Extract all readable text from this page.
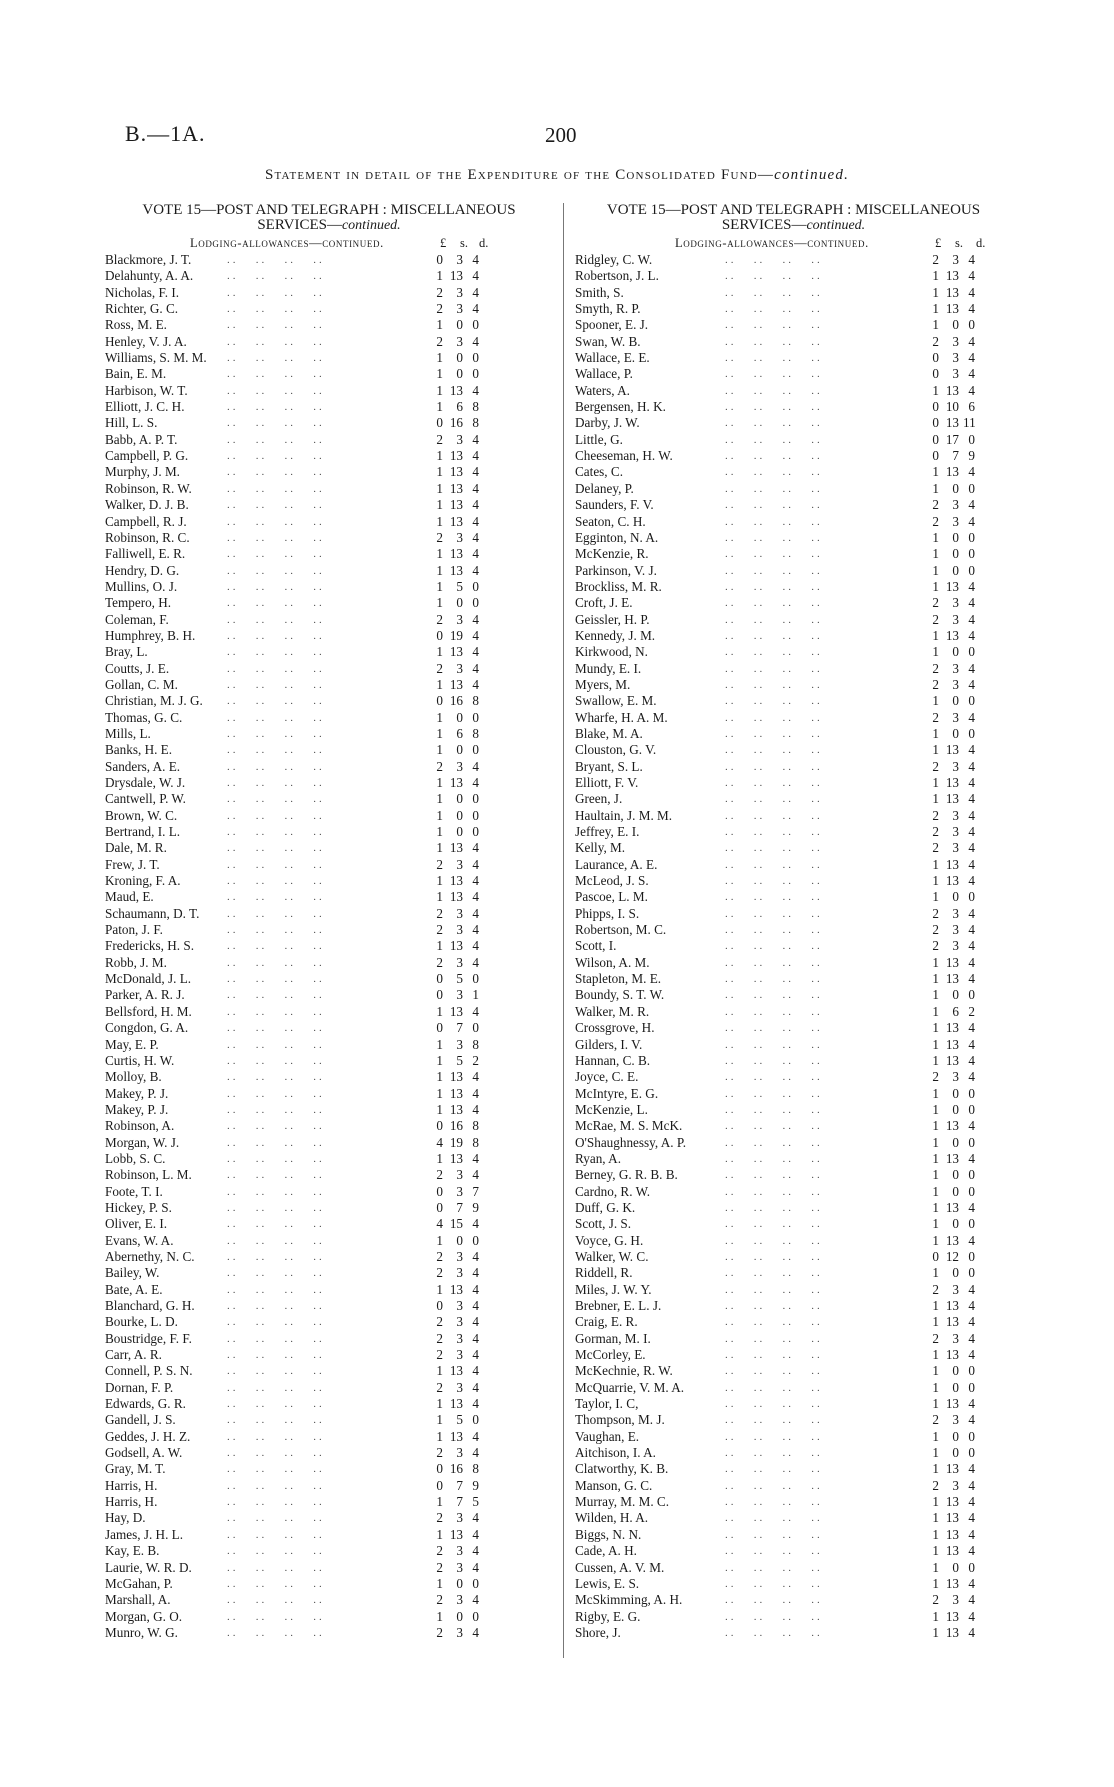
B.—1A.	200
Statement in detail of the Expenditure of the Consolidated Fund—continued.
VOTE 15—POST AND TELEGRAPH : MISCELLANEOUS
SERVICES—continued.
Lodging-allowances—continued.	£ s. d.
Blackmore, J. T.	..   ..   ..   ..	0	3 4
Delahunty, A. A.	..   ..   ..   ..	1 13 4
Nicholas, F. I.	..   ..   ..   ..	2	3 4
Richter, G. C.	..   ..   ..   ..	2	3 4
Ross, M. E.	..   ..   ..   ..	1	0 0
Henley, V. J. A.	..   ..   ..   ..	2	3 4
Williams, S. M. M. ..   ..   ..   ..	1	0 0
Bain, E. M.	..   ..   ..   ..	1	0 0
Harbison, W. T.	..   ..   ..   ..	1 13 4
Elliott, J. C. H.	..   ..   ..   ..	1	6 8
Hill, L. S.	..   ..   ..   ..	0 16 8
Babb, A. P. T.	..   ..   ..   ..	2	3 4
Campbell, P. G.	..   ..   ..   ..	1 13 4
Murphy, J. M.	..   ..   ..   ..	1 13 4
Robinson, R. W.	..   ..   ..   ..	1 13 4
Walker, D. J. B.	..   ..   ..   ..	1 13 4
Campbell, R. J.	..   ..   ..   ..	1 13 4
Robinson, R. C.	..   ..   ..   ..	2	3 4
Falliwell, E. R.	..   ..   ..   ..	1 13 4
Hendry, D. G.	..   ..   ..   ..	1 13 4
Mullins, O. J.	..   ..   ..   ..	1	5 0
Tempero, H.	..   ..   ..   ..	1	0 0
Coleman, F.	..   ..   ..   ..	2	3 4
Humphrey, B. H.	..   ..   ..   ..	0 19 4
Bray, L.	..   ..   ..   ..	1 13 4
Coutts, J. E.	..   ..   ..   ..	2	3 4
Gollan, C. M.	..   ..   ..   ..	1 13 4
Christian, M. J. G. ..   ..   ..   ..	0 16 8
Thomas, G. C.	..   ..   ..   ..	1	0 0
Mills, L.	..   ..   ..   ..	1	6 8
Banks, H. E.	..   ..   ..   ..	1	0 0
Sanders, A. E.	..   ..   ..   ..	2	3 4
Drysdale, W. J.	..   ..   ..   ..	1 13 4
Cantwell, P. W.	..   ..   ..   ..	1	0 0
Brown, W. C.	..   ..   ..   ..	1	0 0
Bertrand, I. L.	..   ..   ..   ..	1	0 0
Dale, M. R.	..   ..   ..   ..	1 13 4
Frew, J. T.	..   ..   ..   ..	2	3 4
Kroning, F. A.	..   ..   ..   ..	1 13 4
Maud, E.	..   ..   ..   ..	1 13 4
Schaumann, D. T.	..   ..   ..   ..	2	3 4
Paton, J. F.	..   ..   ..   ..	2	3 4
Fredericks, H. S.	..   ..   ..   ..	1 13 4
Robb, J. M.	..   ..   ..   ..	2	3 4
McDonald, J. L.	..   ..   ..   ..	0	5 0
Parker, A. R. J.	..   ..   ..   ..	0	3 1
Bellsford, H. M.	..   ..   ..   ..	1 13 4
Congdon, G. A.	..   ..   ..   ..	0	7 0
May, E. P.	..   ..   ..   ..	1	3 8
Curtis, H. W.	..   ..   ..   ..	1	5 2
Molloy, B.	..   ..   ..   ..	1 13 4
Makey, P. J.	..   ..   ..   ..	1 13 4
Makey, P. J.	..   ..   ..   ..	1 13 4
Robinson, A.	..   ..   ..   ..	0 16 8
Morgan, W. J.	..   ..   ..   ..	4 19 8
Lobb, S. C.	..   ..   ..   ..	1 13 4
Robinson, L. M.	..   ..   ..   ..	2	3 4
Foote, T. I.	..   ..   ..   ..	0	3 7
Hickey, P. S.	..   ..   ..   ..	0	7 9
Oliver, E. I.	..   ..   ..   ..	4 15 4
Evans, W. A.	..   ..   ..   ..	1	0 0
Abernethy, N. C.	..   ..   ..   ..	2	3 4
Bailey, W.	..   ..   ..   ..	2	3 4
Bate, A. E.	..   ..   ..   ..	1 13 4
Blanchard, G. H.	..   ..   ..   ..	0	3 4
Bourke, L. D.	..   ..   ..   ..	2	3 4
Boustridge, F. F.	..   ..   ..   ..	2	3 4
Carr, A. R.	..   ..   ..   ..	2	3 4
Connell, P. S. N.	..   ..   ..   ..	1 13 4
Dornan, F. P.	..   ..   ..   ..	2	3 4
Edwards, G. R.	..   ..   ..   ..	1 13 4
Gandell, J. S.	..   ..   ..   ..	1	5 0
Geddes, J. H. Z.	..   ..   ..   ..	1 13 4
Godsell, A. W.	..   ..   ..   ..	2	3 4
Gray, M. T.	..   ..   ..   ..	0 16 8
Harris, H.	..   ..   ..   ..	0	7 9
Harris, H.	..   ..   ..   ..	1	7 5
Hay, D.	..   ..   ..   ..	2	3 4
James, J. H. L.	..   ..   ..   ..	1 13 4
Kay, E. B.	..   ..   ..   ..	2	3 4
Laurie, W. R. D.	..   ..   ..   ..	2	3 4
McGahan, P.	..   ..   ..   ..	1	0 0
Marshall, A.	..   ..   ..   ..	2	3 4
Morgan, G. O.	..   ..   ..   ..	1	0 0
Munro, W. G.	..   ..   ..   ..	2	3 4
VOTE 15—POST AND TELEGRAPH : MISCELLANEOUS
SERVICES—continued.
Lodging-allowances—continued.	£ s. d.
Ridgley, C. W.	..   ..   ..   ..	2	3 4
Robertson, J. L.	..   ..   ..   ..	1 13 4
Smith, S.	..   ..   ..   ..	1 13 4
Smyth, R. P.	..   ..   ..   ..	1 13 4
Spooner, E. J.	..   ..   ..   ..	1	0 0
Swan, W. B.	..   ..   ..   ..	2	3 4
Wallace, E. E.	..   ..   ..   ..	0	3 4
Wallace, P.	..   ..   ..   ..	0	3 4
Waters, A.	..   ..   ..   ..	1 13 4
Bergensen, H. K.	..   ..   ..   ..	0 10 6
Darby, J. W.	..   ..   ..   ..	0 13 11
Little, G.	..   ..   ..   ..	0 17 0
Cheeseman, H. W.	..   ..   ..   ..	0	7 9
Cates, C.	..   ..   ..   ..	1 13 4
Delaney, P.	..   ..   ..   ..	1	0 0
Saunders, F. V.	..   ..   ..   ..	2	3 4
Seaton, C. H.	..   ..   ..   ..	2	3 4
Egginton, N. A.	..   ..   ..   ..	1	0 0
McKenzie, R.	..   ..   ..   ..	1	0 0
Parkinson, V. J.	..   ..   ..   ..	1	0 0
Brockliss, M. R.	..   ..   ..   ..	1 13 4
Croft, J. E.	..   ..   ..   ..	2	3 4
Geissler, H. P.	..   ..   ..   ..	2	3 4
Kennedy, J. M.	..   ..   ..   ..	1 13 4
Kirkwood, N.	..   ..   ..   ..	1	0 0
Mundy, E. I.	..   ..   ..   ..	2	3 4
Myers, M.	..   ..   ..   ..	2	3 4
Swallow, E. M.	..   ..   ..   ..	1	0 0
Wharfe, H. A. M.	..   ..   ..   ..	2	3 4
Blake, M. A.	..   ..   ..   ..	1	0 0
Clouston, G. V.	..   ..   ..   ..	1 13 4
Bryant, S. L.	..   ..   ..   ..	2	3 4
Elliott, F. V.	..   ..   ..   ..	1 13 4
Green, J.	..   ..   ..   ..	1 13 4
Haultain, J. M. M.	..   ..   ..   ..	2	3 4
Jeffrey, E. I.	..   ..   ..   ..	2	3 4
Kelly, M.	..   ..   ..   ..	2	3 4
Laurance, A. E.	..   ..   ..   ..	1 13 4
McLeod, J. S.	..   ..   ..   ..	1 13 4
Pascoe, L. M.	..   ..   ..   ..	1	0 0
Phipps, I. S.	..   ..   ..   ..	2	3 4
Robertson, M. C.	..   ..   ..   ..	2	3 4
Scott, I.	..   ..   ..   ..	2	3 4
Wilson, A. M.	..   ..   ..   ..	1 13 4
Stapleton, M. E.	..   ..   ..   ..	1 13 4
Boundy, S. T. W.	..   ..   ..   ..	1	0 0
Walker, M. R.	..   ..   ..   ..	1	6 2
Crossgrove, H.	..   ..   ..   ..	1 13 4
Gilders, I. V.	..   ..   ..   ..	1 13 4
Hannan, C. B.	..   ..   ..   ..	1 13 4
Joyce, C. E.	..   ..   ..   ..	2	3 4
McIntyre, E. G.	..   ..   ..   ..	1	0 0
McKenzie, L.	..   ..   ..   ..	1	0 0
McRae, M. S. McK.	..   ..   ..   ..	1 13 4
O'Shaughnessy, A. P.	..   ..   ..   ..	1	0 0
Ryan, A.	..   ..   ..   ..	1 13 4
Berney, G. R. B. B.	..   ..   ..   ..	1	0 0
Cardno, R. W.	..   ..   ..   ..	1	0 0
Duff, G. K.	..   ..   ..   ..	1 13 4
Scott, J. S.	..   ..   ..   ..	1	0 0
Voyce, G. H.	..   ..   ..   ..	1 13 4
Walker, W. C.	..   ..   ..   ..	0 12 0
Riddell, R.	..   ..   ..   ..	1	0 0
Miles, J. W. Y.	..   ..   ..   ..	2	3 4
Brebner, E. L. J.	..   ..   ..   ..	1 13 4
Craig, E. R.	..   ..   ..   ..	1 13 4
Gorman, M. I.	..   ..   ..   ..	2	3 4
McCorley, E.	..   ..   ..   ..	1 13 4
McKechnie, R. W.	..   ..   ..   ..	1	0 0
McQuarrie, V. M. A.	..   ..   ..   ..	1	0 0
Taylor, I. C,	..   ..   ..   ..	1 13 4
Thompson, M. J.	..   ..   ..   ..	2	3 4
Vaughan, E.	..   ..   ..   ..	1	0 0
Aitchison, I. A.	..   ..   ..   ..	1	0 0
Clatworthy, K. B.	..   ..   ..   ..	1 13 4
Manson, G. C.	..   ..   ..   ..	2	3 4
Murray, M. M. C.	..   ..   ..   ..	1 13 4
Wilden, H. A.	..   ..   ..   ..	1 13 4
Biggs, N. N.	..   ..   ..   ..	1 13 4
Cade, A. H.	..   ..   ..   ..	1 13 4
Cussen, A. V. M.	..   ..   ..   ..	1	0 0
Lewis, E. S.	..   ..   ..   ..	1 13 4
McSkimming, A. H.	..   ..   ..   ..	2	3 4
Rigby, E. G.	..   ..   ..   ..	1 13 4
Shore, J.	..   ..   ..   ..	1 13 4
